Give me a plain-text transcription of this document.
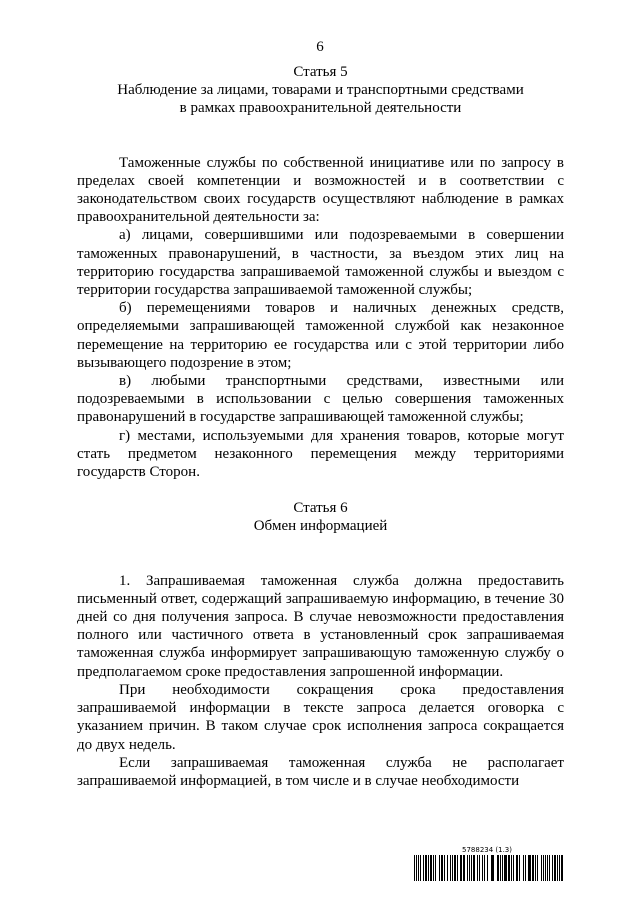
6
Статья 5
Наблюдение за лицами, товарами и транспортными средствами
в рамках правоохранительной деятельности

Таможенные службы по собственной инициативе или по запросу в пределах своей компетенции и возможностей и в соответствии с законодательством своих государств осуществляют наблюдение в рамках правоохранительной деятельности за:

а) лицами, совершившими или подозреваемыми в совершении таможенных правонарушений, в частности, за въездом этих лиц на территорию государства запрашиваемой таможенной службы и выездом с территории государства запрашиваемой таможенной службы;

б) перемещениями товаров и наличных денежных средств, определяемыми запрашивающей таможенной службой как незаконное перемещение на территорию ее государства или с этой территории либо вызывающего подозрение в этом;

в) любыми транспортными средствами, известными или подозреваемыми в использовании с целью совершения таможенных правонарушений в государстве запрашивающей таможенной службы;

г) местами, используемыми для хранения товаров, которые могут стать предметом незаконного перемещения между территориями государств Сторон.

Статья 6
Обмен информацией

1. Запрашиваемая таможенная служба должна предоставить письменный ответ, содержащий запрашиваемую информацию, в течение 30 дней со дня получения запроса. В случае невозможности предоставления полного или частичного ответа в установленный срок запрашиваемая таможенная служба информирует запрашивающую таможенную службу о предполагаемом сроке предоставления запрошенной информации.

При необходимости сокращения срока предоставления запрашиваемой информации в тексте запроса делается оговорка с указанием причин. В таком случае срок исполнения запроса сокращается до двух недель.

Если запрашиваемая таможенная служба не располагает запрашиваемой информацией, в том числе и в случае необходимости

5788234 (1.3)
